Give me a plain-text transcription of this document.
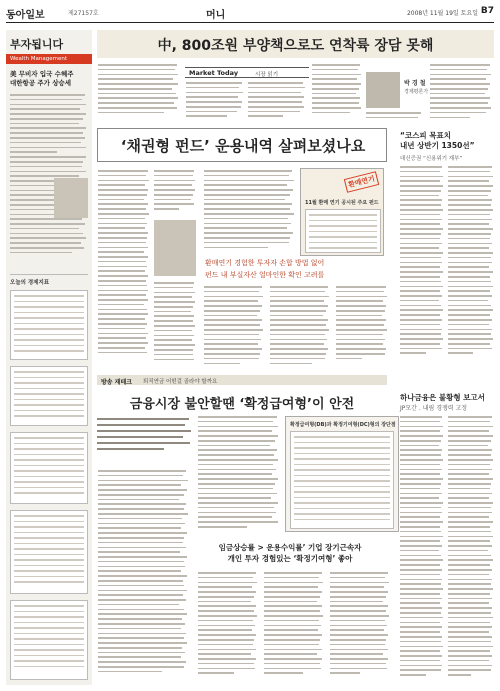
동아일보	제27157호	머니	2008년 11월 19일 토요일 B7
부자됩니다
Wealth Management
美 무비자 입국 수혜주
대한항공 주가 상승세
오늘의 경제지표
中, 800조원 부양책으로도 연착륙 장담 못해
Market Today	시장 읽기
박 경 철
경제평론가
‘채권형 펀드’ 운용내역 살펴보셨나요
11월 환매 연기 공시된 주요 펀드
환매연기
환매연기 경험한 투자자 손합 방법 없어
펀드 내 부실자산 얼마인한 확인 고려를
“코스피 목표치
내년 상반기 1350선”
대신증권 “신용위기 재부”
방송 재테크 퇴직연금 어떤걸 골라야 할까요
금융시장 불안할땐 ‘확정급여형’이 안전	하나금융은 불황형 보고서
JP모간 . 내림 경쟁력 고정
확정급여형(DB)과 확정기여형(DC)형의 장단점
임금상승률 > 운용수익률’ 기업 장기근속자
개인 투자 경험있는 ‘확정기여형’ 좋아
